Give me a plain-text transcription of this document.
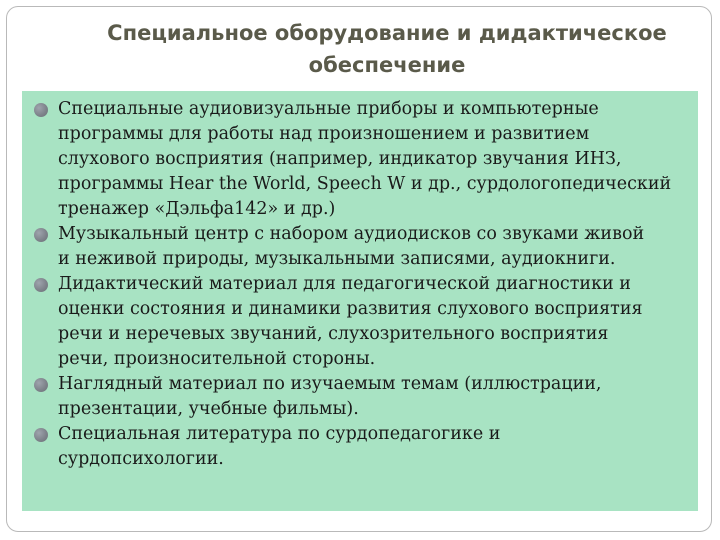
Специальное оборудование и дидактическое
обеспечение
Специальные аудиовизуальные приборы и компьютерные
программы для работы над произношением и развитием
слухового восприятия (например, индикатор звучания ИНЗ,
программы Hear the World, Speech W и др., сурдологопедический
тренажер «Дэльфа142» и др.)
Музыкальный центр с набором аудиодисков со звуками живой
и неживой природы, музыкальными записями, аудиокниги.
Дидактический материал для педагогической диагностики и
оценки состояния и динамики развития слухового восприятия
речи и неречевых звучаний, слухозрительного восприятия
речи, произносительной стороны.
Наглядный материал по изучаемым темам (иллюстрации,
презентации, учебные фильмы).
Специальная литература по сурдопедагогике и
сурдопсихологии.
